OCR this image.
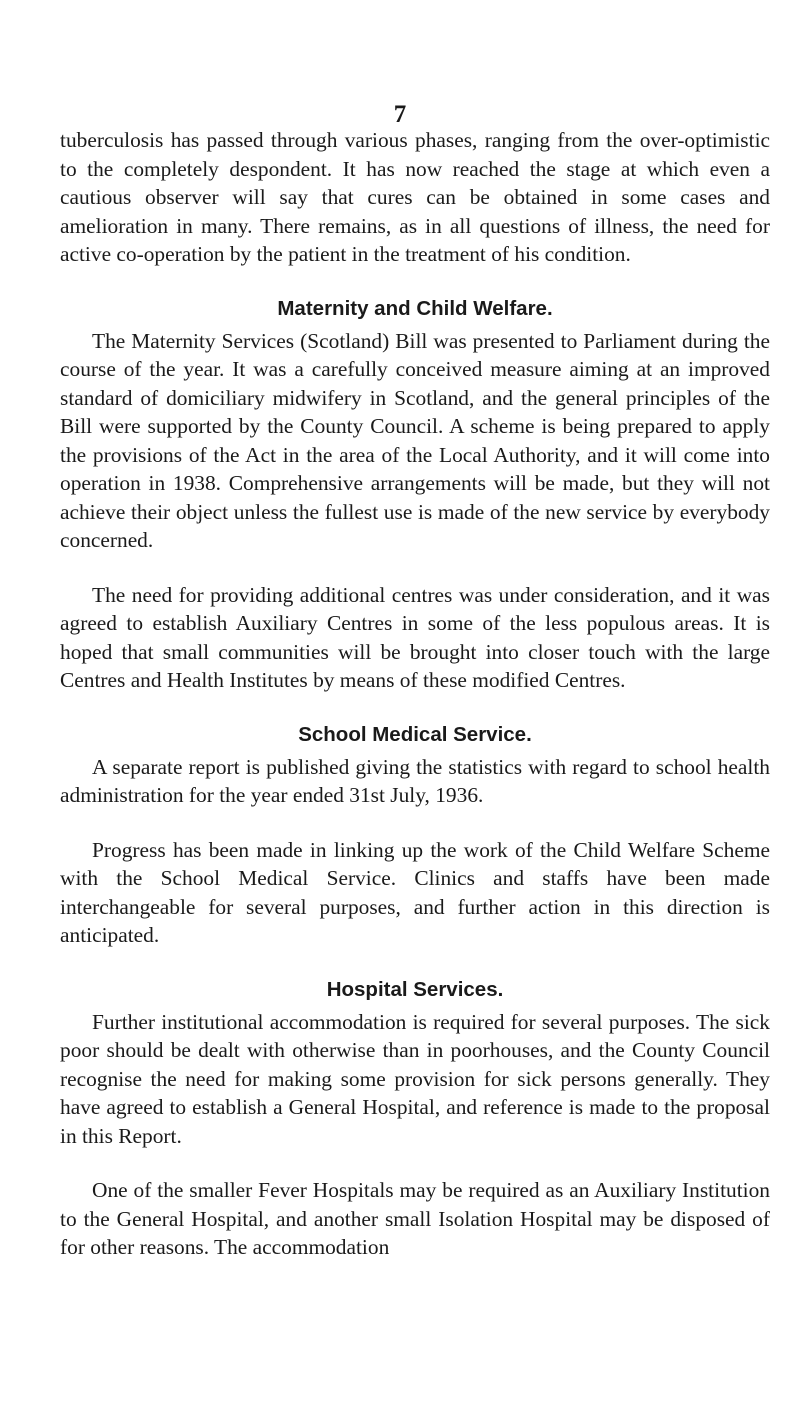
7

tuberculosis has passed through various phases, ranging from the over-optimistic to the completely despondent. It has now reached the stage at which even a cautious observer will say that cures can be obtained in some cases and amelioration in many. There remains, as in all questions of illness, the need for active co-operation by the patient in the treatment of his condition.

Maternity and Child Welfare.

The Maternity Services (Scotland) Bill was presented to Parliament during the course of the year. It was a carefully conceived measure aiming at an improved standard of domiciliary midwifery in Scotland, and the general principles of the Bill were supported by the County Council. A scheme is being prepared to apply the provisions of the Act in the area of the Local Authority, and it will come into operation in 1938. Comprehensive arrangements will be made, but they will not achieve their object unless the fullest use is made of the new service by everybody concerned.

The need for providing additional centres was under consideration, and it was agreed to establish Auxiliary Centres in some of the less populous areas. It is hoped that small communities will be brought into closer touch with the large Centres and Health Institutes by means of these modified Centres.

School Medical Service.

A separate report is published giving the statistics with regard to school health administration for the year ended 31st July, 1936.

Progress has been made in linking up the work of the Child Welfare Scheme with the School Medical Service. Clinics and staffs have been made interchangeable for several purposes, and further action in this direction is anticipated.

Hospital Services.

Further institutional accommodation is required for several purposes. The sick poor should be dealt with otherwise than in poorhouses, and the County Council recognise the need for making some provision for sick persons generally. They have agreed to establish a General Hospital, and reference is made to the proposal in this Report.

One of the smaller Fever Hospitals may be required as an Auxiliary Institution to the General Hospital, and another small Isolation Hospital may be disposed of for other reasons. The accommodation
